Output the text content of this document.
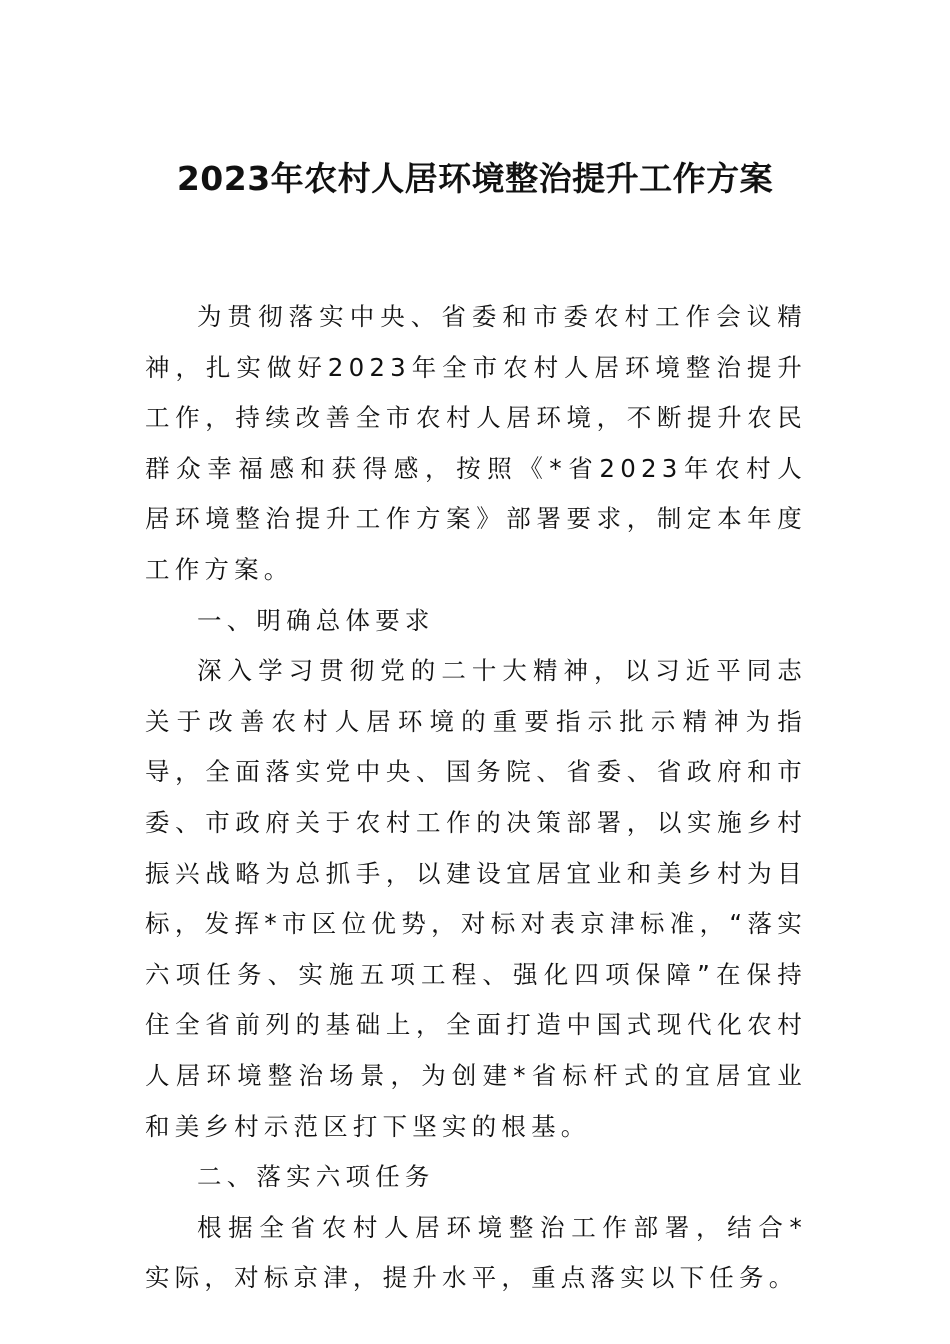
2023年农村人居环境整治提升工作方案

为贯彻落实中央、省委和市委农村工作会议精神，扎实做好2023年全市农村人居环境整治提升工作，持续改善全市农村人居环境，不断提升农民群众幸福感和获得感，按照《*省2023年农村人居环境整治提升工作方案》部署要求，制定本年度工作方案。

一、明确总体要求

深入学习贯彻党的二十大精神，以习近平同志关于改善农村人居环境的重要指示批示精神为指导，全面落实党中央、国务院、省委、省政府和市委、市政府关于农村工作的决策部署，以实施乡村振兴战略为总抓手，以建设宜居宜业和美乡村为目标，发挥*市区位优势，对标对表京津标准，“落实六项任务、实施五项工程、强化四项保障”在保持住全省前列的基础上，全面打造中国式现代化农村人居环境整治场景，为创建*省标杆式的宜居宜业和美乡村示范区打下坚实的根基。

二、落实六项任务

根据全省农村人居环境整治工作部署，结合*实际，对标京津，提升水平，重点落实以下任务。
